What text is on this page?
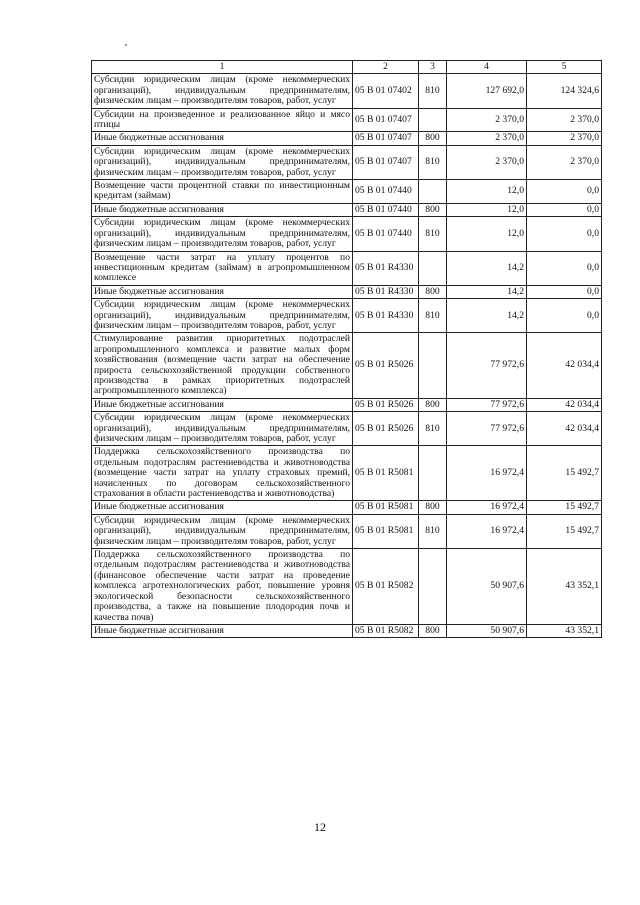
1	2	3	4	5
Субсидии юридическим лицам (кроме некоммерческих организаций), индивидуальным предпринимателям, физическим лицам – производителям товаров, работ, услуг	05 В 01 07402	810	127 692,0	124 324,6
Субсидии на произведенное и реализованное яйцо и мясо птицы	05 В 01 07407		2 370,0	2 370,0
Иные бюджетные ассигнования	05 В 01 07407	800	2 370,0	2 370,0
Субсидии юридическим лицам (кроме некоммерческих организаций), индивидуальным предпринимателям, физическим лицам – производителям товаров, работ, услуг	05 В 01 07407	810	2 370,0	2 370,0
Возмещение части процентной ставки по инвестиционным кредитам (займам)	05 В 01 07440		12,0	0,0
Иные бюджетные ассигнования	05 В 01 07440	800	12,0	0,0
Субсидии юридическим лицам (кроме некоммерческих организаций), индивидуальным предпринимателям, физическим лицам – производителям товаров, работ, услуг	05 В 01 07440	810	12,0	0,0
Возмещение части затрат на уплату процентов по инвестиционным кредитам (займам) в агропромышленном комплексе	05 В 01 R4330		14,2	0,0
Иные бюджетные ассигнования	05 В 01 R4330	800	14,2	0,0
Субсидии юридическим лицам (кроме некоммерческих организаций), индивидуальным предпринимателям, физическим лицам – производителям товаров, работ, услуг	05 В 01 R4330	810	14,2	0,0
Стимулирование развития приоритетных подотраслей агропромышленного комплекса и развитие малых форм хозяйствования (возмещение части затрат на обеспечение прироста сельскохозяйственной продукции собственного производства в рамках приоритетных подотраслей агропромышленного комплекса)	05 В 01 R5026		77 972,6	42 034,4
Иные бюджетные ассигнования	05 В 01 R5026	800	77 972,6	42 034,4
Субсидии юридическим лицам (кроме некоммерческих организаций), индивидуальным предпринимателям, физическим лицам – производителям товаров, работ, услуг	05 В 01 R5026	810	77 972,6	42 034,4
Поддержка сельскохозяйственного производства по отдельным подотраслям растениеводства и животноводства (возмещение части затрат на уплату страховых премий, начисленных по договорам сельскохозяйственного страхования в области растениеводства и животноводства)	05 В 01 R5081		16 972,4	15 492,7
Иные бюджетные ассигнования	05 В 01 R5081	800	16 972,4	15 492,7
Субсидии юридическим лицам (кроме некоммерческих организаций), индивидуальным предпринимателям, физическим лицам – производителям товаров, работ, услуг	05 В 01 R5081	810	16 972,4	15 492,7
Поддержка сельскохозяйственного производства по отдельным подотраслям растениеводства и животноводства (финансовое обеспечение части затрат на проведение комплекса агротехнологических работ, повышение уровня экологической безопасности сельскохозяйственного производства, а также на повышение плодородия почв и качества почв)	05 В 01 R5082		50 907,6	43 352,1
Иные бюджетные ассигнования	05 В 01 R5082	800	50 907,6	43 352,1
12
